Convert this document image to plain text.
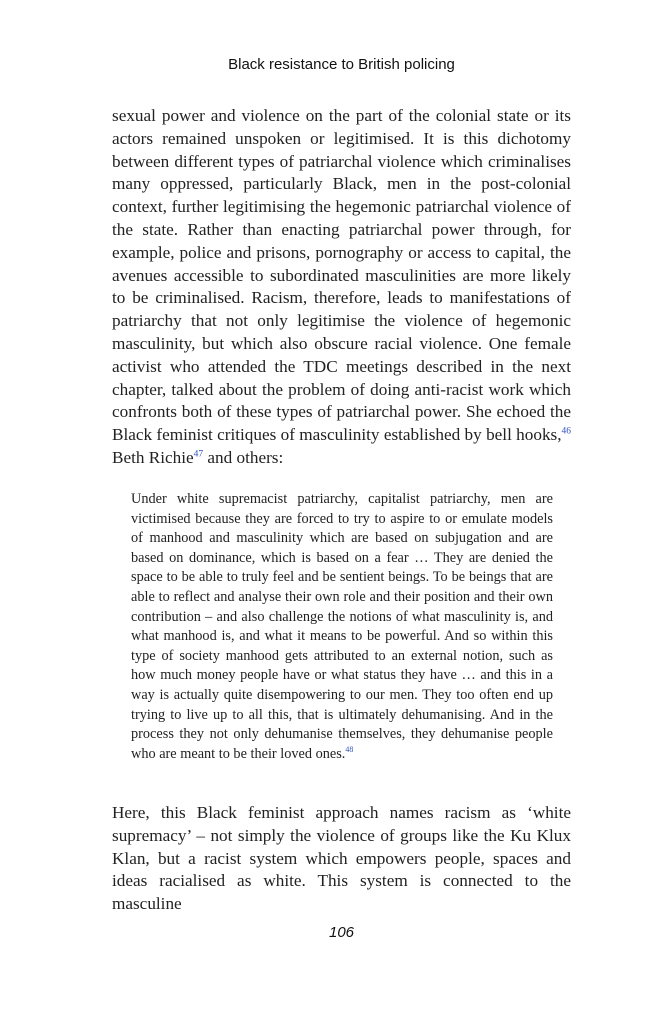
Black resistance to British policing

sexual power and violence on the part of the colonial state or its actors remained unspoken or legitimised. It is this dichotomy between different types of patriarchal violence which criminalises many oppressed, particularly Black, men in the post-colonial context, further legitimising the hegemonic patriarchal violence of the state. Rather than enacting patriarchal power through, for example, police and prisons, pornography or access to capital, the avenues accessible to subordinated masculinities are more likely to be criminalised. Racism, therefore, leads to manifestations of patriarchy that not only legitimise the violence of hegemonic masculinity, but which also obscure racial violence. One female activist who attended the TDC meetings described in the next chapter, talked about the problem of doing anti-racist work which confronts both of these types of patriarchal power. She echoed the Black feminist critiques of masculinity established by bell hooks,$^{46}$ Beth Richie$^{47}$ and others:

Under white supremacist patriarchy, capitalist patriarchy, men are victimised because they are forced to try to aspire to or emulate models of manhood and masculinity which are based on subjugation and are based on dominance, which is based on a fear … They are denied the space to be able to truly feel and be sentient beings. To be beings that are able to reflect and analyse their own role and their position and their own contribution – and also challenge the notions of what masculinity is, and what manhood is, and what it means to be powerful. And so within this type of society manhood gets attributed to an external notion, such as how much money people have or what status they have … and this in a way is actually quite disempowering to our men. They too often end up trying to live up to all this, that is ultimately dehumanising. And in the process they not only dehumanise themselves, they dehumanise people who are meant to be their loved ones.$^{48}$

Here, this Black feminist approach names racism as ‘white supremacy’ – not simply the violence of groups like the Ku Klux Klan, but a racist system which empowers people, spaces and ideas racialised as white. This system is connected to the masculine

106
